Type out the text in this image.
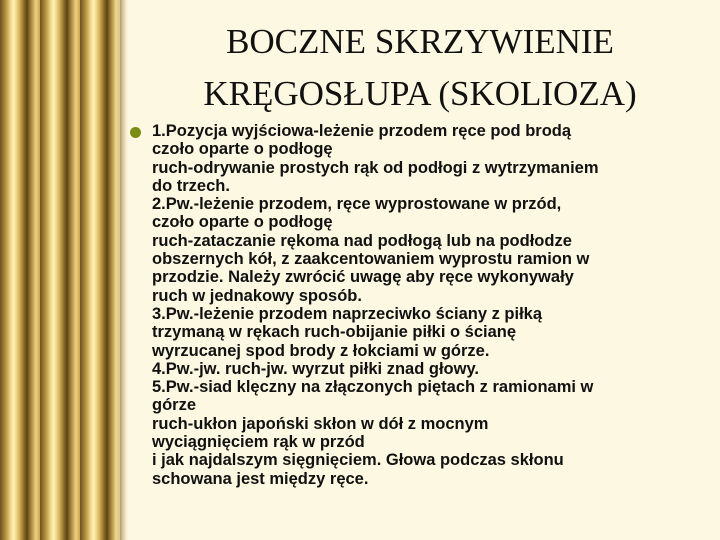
BOCZNE SKRZYWIENIE
KRĘGOSŁUPA (SKOLIOZA)
1.Pozycja wyjściowa-leżenie przodem ręce pod brodą
czoło oparte o podłogę
ruch-odrywanie prostych rąk od podłogi z wytrzymaniem
do trzech.
2.Pw.-leżenie przodem, ręce wyprostowane w przód,
czoło oparte o podłogę
ruch-zataczanie rękoma nad podłogą lub na podłodze
obszernych kół, z zaakcentowaniem wyprostu ramion w
przodzie. Należy zwrócić uwagę aby ręce wykonywały
ruch w jednakowy sposób.
3.Pw.-leżenie przodem naprzeciwko ściany z piłką
trzymaną w rękach ruch-obijanie piłki o ścianę
wyrzucanej spod brody z łokciami w górze.
4.Pw.-jw. ruch-jw. wyrzut piłki znad głowy.
5.Pw.-siad klęczny na złączonych piętach z ramionami w
górze
ruch-ukłon japoński skłon w dół z mocnym
wyciągnięciem rąk w przód
i jak najdalszym sięgnięciem. Głowa podczas skłonu
schowana jest między ręce.
